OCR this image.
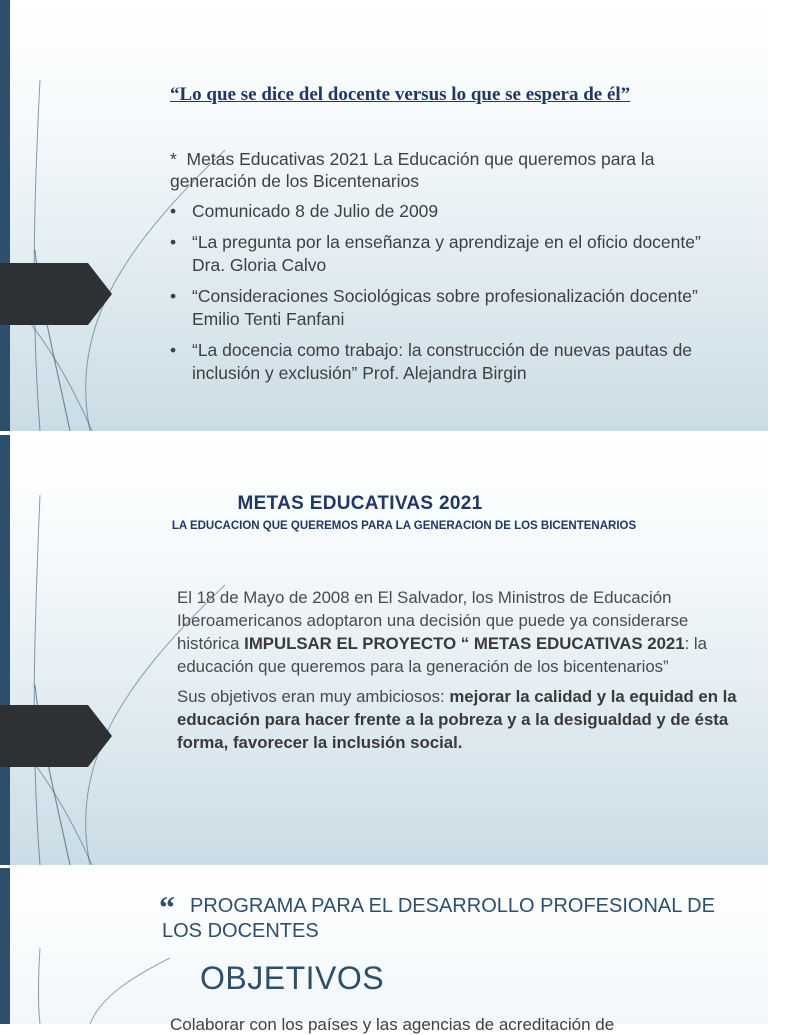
“Lo que se dice del docente versus lo que se espera de él”
* Metas Educativas 2021 La Educación que queremos para la generación de los Bicentenarios
• Comunicado 8 de Julio de 2009
• “La pregunta por la enseñanza y aprendizaje en el oficio docente” Dra. Gloria Calvo
• “Consideraciones Sociológicas sobre profesionalización docente” Emilio Tenti Fanfani
• “La docencia como trabajo: la construcción de nuevas pautas de inclusión y exclusión” Prof. Alejandra Birgin
METAS EDUCATIVAS 2021
LA EDUCACION QUE QUEREMOS PARA LA GENERACION DE LOS BICENTENARIOS

El 18 de Mayo de 2008 en El Salvador, los Ministros de Educación Iberoamericanos adoptaron una decisión que puede ya considerarse histórica IMPULSAR EL PROYECTO “ METAS EDUCATIVAS 2021: la educación que queremos para la generación de los bicentenarios”

Sus objetivos eran muy ambiciosos: mejorar la calidad y la equidad en la educación para hacer frente a la pobreza y a la desigualdad y de ésta forma, favorecer la inclusión social.

“ PROGRAMA PARA EL DESARROLLO PROFESIONAL DE LOS DOCENTES
OBJETIVOS
Colaborar con los países y las agencias de acreditación de
